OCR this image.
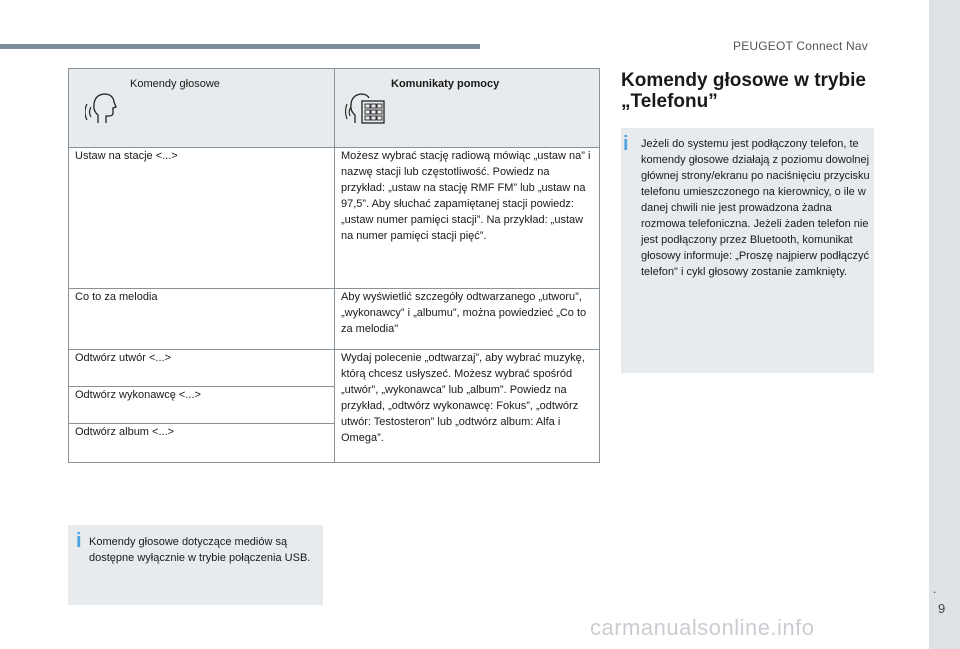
PEUGEOT Connect Nav
.
9
Komendy głosowe	Komunikaty pomocy

Ustaw na stacje <...>	Możesz wybrać stację radiową mówiąc „ustaw na” i nazwę stacji lub częstotliwość. Powiedz na przykład: „ustaw na stację RMF FM” lub „ustaw na 97,5”. Aby słuchać zapamiętanej stacji powiedz: „ustaw numer pamięci stacji”. Na przykład: „ustaw na numer pamięci stacji pięć”.
Co to za melodia	Aby wyświetlić szczegóły odtwarzanego „utworu”, „wykonawcy” i „albumu”, można powiedzieć „Co to za melodia"
Odtwórz utwór <...>	Wydaj polecenie „odtwarzaj”, aby wybrać muzykę, którą chcesz usłyszeć. Możesz wybrać spośród „utwór”, „wykonawca” lub „album”. Powiedz na przykład, „odtwórz wykonawcę: Fokus”, „odtwórz utwór: Testosteron” lub „odtwórz album: Alfa i Omega”.
Odtwórz wykonawcę <...>	
Odtwórz album <...>	
i Komendy głosowe dotyczące mediów są dostępne wyłącznie w trybie połączenia USB.
Komendy głosowe w trybie „Telefonu”
i Jeżeli do systemu jest podłączony telefon, te komendy głosowe działają z poziomu dowolnej głównej strony/ekranu po naciśnięciu przycisku telefonu umieszczonego na kierownicy, o ile w danej chwili nie jest prowadzona żadna rozmowa telefoniczna. Jeżeli żaden telefon nie jest podłączony przez Bluetooth, komunikat głosowy informuje: „Proszę najpierw podłączyć telefon" i cykl głosowy zostanie zamknięty.
carmanualsonline.info
